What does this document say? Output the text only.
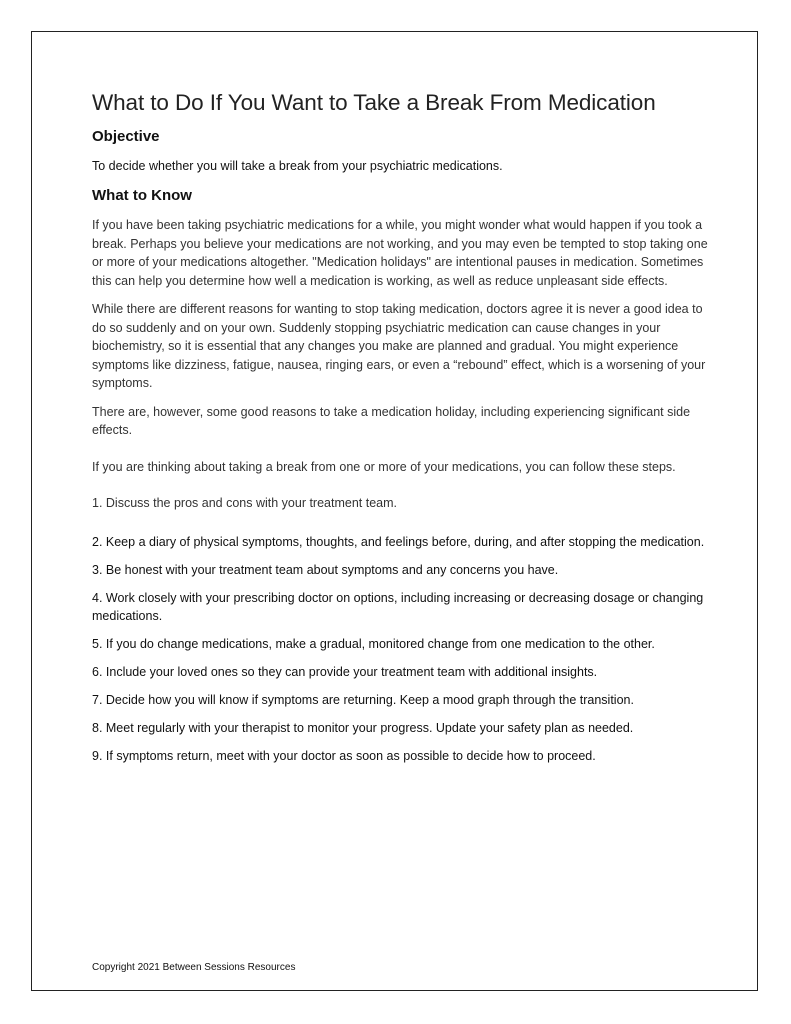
What to Do If You Want to Take a Break From Medication
Objective

To decide whether you will take a break from your psychiatric medications.

What to Know

If you have been taking psychiatric medications for a while, you might wonder what would happen if you took a break. Perhaps you believe your medications are not working, and you may even be tempted to stop taking one or more of your medications altogether. "Medication holidays" are intentional pauses in medication. Sometimes this can help you determine how well a medication is working, as well as reduce unpleasant side effects.

While there are different reasons for wanting to stop taking medication, doctors agree it is never a good idea to do so suddenly and on your own. Suddenly stopping psychiatric medication can cause changes in your biochemistry, so it is essential that any changes you make are planned and gradual. You might experience symptoms like dizziness, fatigue, nausea, ringing ears, or even a “rebound” effect, which is a worsening of your symptoms.

There are, however, some good reasons to take a medication holiday, including experiencing significant side effects.

If you are thinking about taking a break from one or more of your medications, you can follow these steps.

1. Discuss the pros and cons with your treatment team.

2. Keep a diary of physical symptoms, thoughts, and feelings before, during, and after stopping the medication.

3. Be honest with your treatment team about symptoms and any concerns you have.

4. Work closely with your prescribing doctor on options, including increasing or decreasing dosage or changing medications.

5. If you do change medications, make a gradual, monitored change from one medication to the other.

6. Include your loved ones so they can provide your treatment team with additional insights.

7. Decide how you will know if symptoms are returning. Keep a mood graph through the transition.

8. Meet regularly with your therapist to monitor your progress. Update your safety plan as needed.

9. If symptoms return, meet with your doctor as soon as possible to decide how to proceed.

Copyright 2021 Between Sessions Resources
